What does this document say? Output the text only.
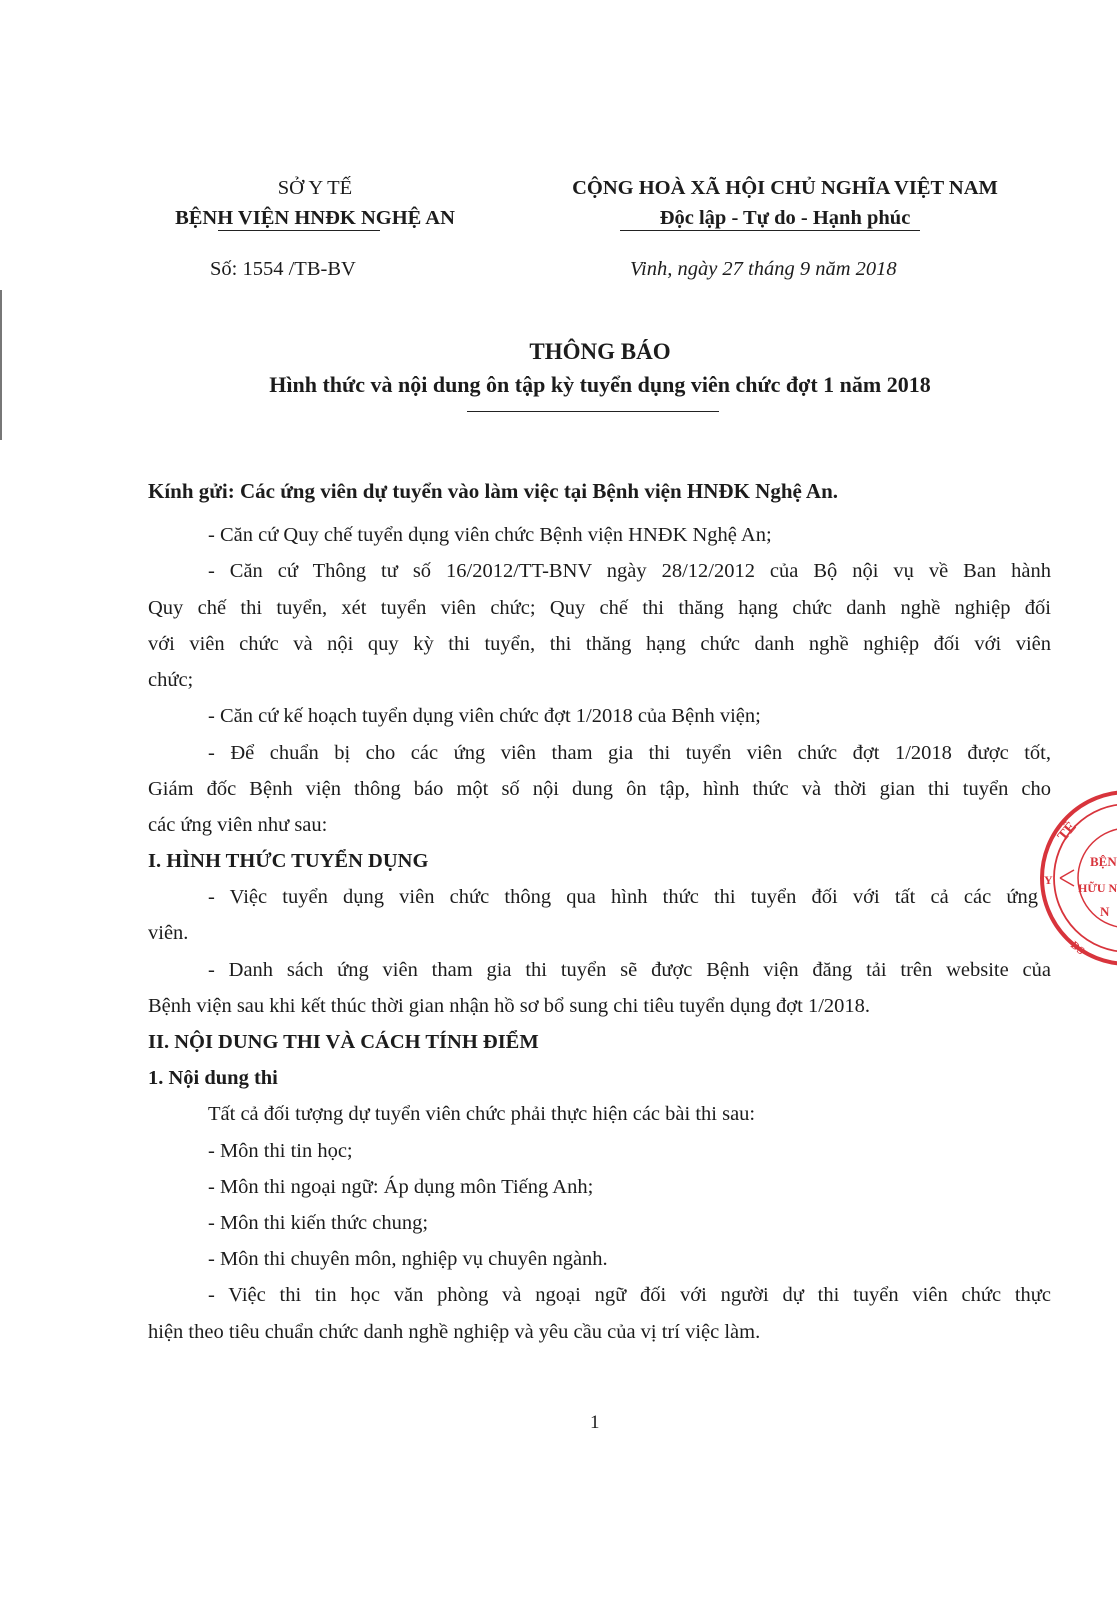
SỞ Y TẾ
BỆNH VIỆN HNĐK NGHỆ AN
CỘNG HOÀ XÃ HỘI CHỦ NGHĨA VIỆT NAM
Độc lập - Tự do - Hạnh phúc
Số: 1554 /TB-BV	Vinh, ngày 27 tháng 9 năm 2018
THÔNG BÁO
Hình thức và nội dung ôn tập kỳ tuyển dụng viên chức đợt 1 năm 2018
Kính gửi: Các ứng viên dự tuyển vào làm việc tại Bệnh viện HNĐK Nghệ An.
- Căn cứ Quy chế tuyển dụng viên chức Bệnh viện HNĐK Nghệ An;
- Căn cứ Thông tư số 16/2012/TT-BNV ngày 28/12/2012 của Bộ nội vụ về Ban hành
Quy chế thi tuyển, xét tuyển viên chức; Quy chế thi thăng hạng chức danh nghề nghiệp đối
với viên chức và nội quy kỳ thi tuyển, thi thăng hạng chức danh nghề nghiệp đối với viên
chức;
- Căn cứ kế hoạch tuyển dụng viên chức đợt 1/2018 của Bệnh viện;
- Để chuẩn bị cho các ứng viên tham gia thi tuyển viên chức đợt 1/2018 được tốt,
Giám đốc Bệnh viện thông báo một số nội dung ôn tập, hình thức và thời gian thi tuyển cho
các ứng viên như sau:
I. HÌNH THỨC TUYỂN DỤNG
- Việc tuyển dụng viên chức thông qua hình thức thi tuyển đối với tất cả các ứng
viên.
- Danh sách ứng viên tham gia thi tuyển sẽ được Bệnh viện đăng tải trên website của
Bệnh viện sau khi kết thúc thời gian nhận hồ sơ bổ sung chi tiêu tuyển dụng đợt 1/2018.
II. NỘI DUNG THI VÀ CÁCH TÍNH ĐIỂM
1. Nội dung thi
Tất cả đối tượng dự tuyển viên chức phải thực hiện các bài thi sau:
- Môn thi tin học;
- Môn thi ngoại ngữ: Áp dụng môn Tiếng Anh;
- Môn thi kiến thức chung;
- Môn thi chuyên môn, nghiệp vụ chuyên ngành.
- Việc thi tin học văn phòng và ngoại ngữ đối với người dự thi tuyển viên chức thực
hiện theo tiêu chuẩn chức danh nghề nghiệp và yêu cầu của vị trí việc làm.
1
TẾ
BỆN
HỮU N
N
Y
DS
